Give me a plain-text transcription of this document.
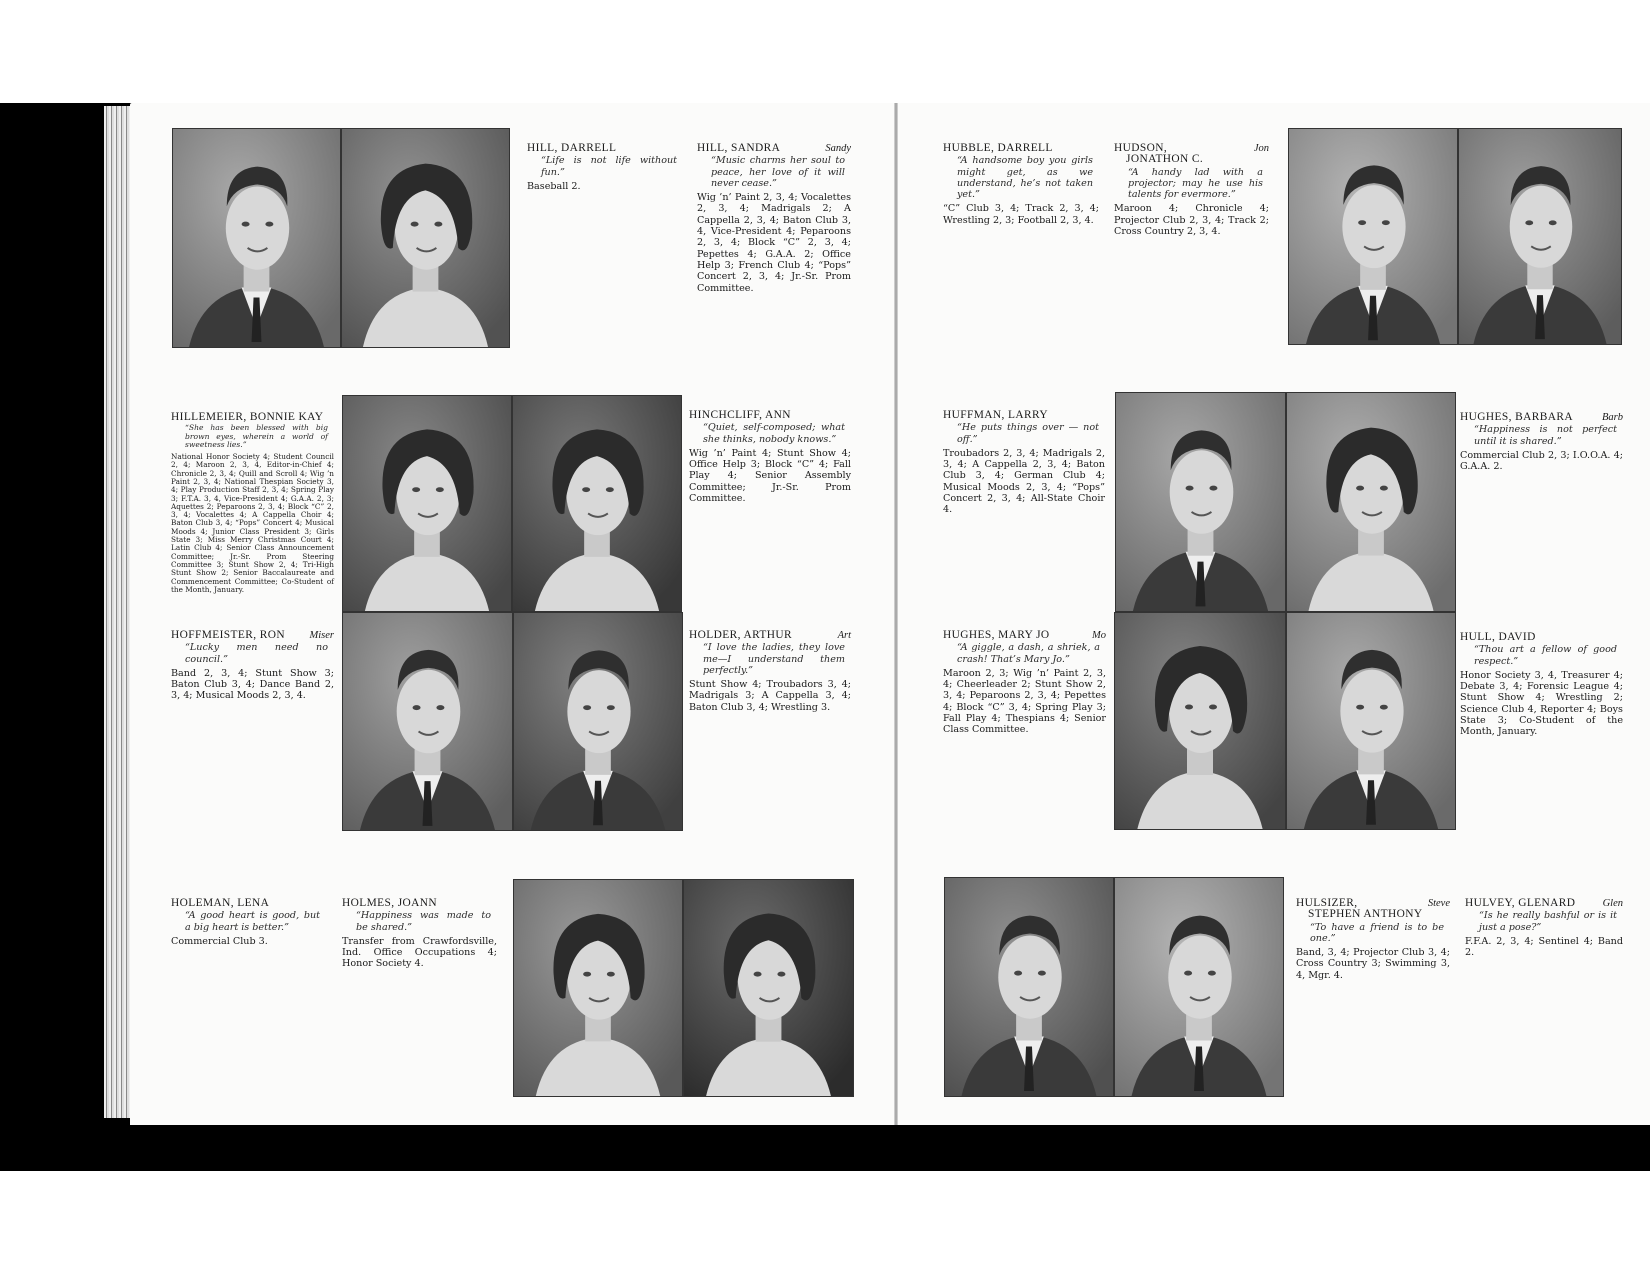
HILL, DARRELL
“Life is not life without fun.”
Baseball 2.
HILL, SANDRA	Sandy
“Music charms her soul to peace, her love of it will never cease.”
Wig ’n’ Paint 2, 3, 4; Vocalettes 2, 3, 4; Madrigals 2; A Cappella 2, 3, 4; Baton Club 3, 4, Vice-President 4; Peparoons 2, 3, 4; Block “C” 2, 3, 4; Pepettes 4; G.A.A. 2; Office Help 3; French Club 4; “Pops” Concert 2, 3, 4; Jr.-Sr. Prom Committee.
HUBBLE, DARRELL
“A handsome boy you girls might get, as we understand, he’s not taken yet.”
“C” Club 3, 4; Track 2, 3, 4; Wrestling 2, 3; Football 2, 3, 4.
HUDSON,	Jon
JONATHON C.
“A handy lad with a projector; may he use his talents for evermore.”
Maroon 4; Chronicle 4; Projector Club 2, 3, 4; Track 2; Cross Country 2, 3, 4.
HILLEMEIER, BONNIE KAY
“She has been blessed with big brown eyes, wherein a world of sweetness lies.”
National Honor Society 4; Student Council 2, 4; Maroon 2, 3, 4, Editor-in-Chief 4; Chronicle 2, 3, 4; Quill and Scroll 4; Wig ’n Paint 2, 3, 4; National Thespian Society 3, 4; Play Production Staff 2, 3, 4; Spring Play 3; F.T.A. 3, 4, Vice-President 4; G.A.A. 2, 3; Aquettes 2; Peparoons 2, 3, 4; Block “C” 2, 3, 4; Vocalettes 4; A Cappella Choir 4; Baton Club 3, 4; “Pops” Concert 4; Musical Moods 4; Junior Class President 3; Girls State 3; Miss Merry Christmas Court 4; Latin Club 4; Senior Class Announcement Committee; Jr.-Sr. Prom Steering Committee 3; Stunt Show 2, 4; Tri-High Stunt Show 2; Senior Baccalaureate and Commencement Committee; Co-Student of the Month, January.
HINCHCLIFF, ANN
“Quiet, self-composed; what she thinks, nobody knows.”
Wig ’n’ Paint 4; Stunt Show 4; Office Help 3; Block “C” 4; Fall Play 4; Senior Assembly Committee; Jr.-Sr. Prom Committee.
HUFFMAN, LARRY
“He puts things over — not off.”
Troubadors 2, 3, 4; Madrigals 2, 3, 4; A Cappella 2, 3, 4; Baton Club 3, 4; German Club 4; Musical Moods 2, 3, 4; “Pops” Concert 2, 3, 4; All-State Choir 4.
HUGHES, BARBARA	Barb
“Happiness is not perfect until it is shared.”
Commercial Club 2, 3; I.O.O.A. 4; G.A.A. 2.
HOFFMEISTER, RON Miser
“Lucky men need no council.”
Band 2, 3, 4; Stunt Show 3; Baton Club 3, 4; Dance Band 2, 3, 4; Musical Moods 2, 3, 4.
HOLDER, ARTHUR	Art
“I love the ladies, they love me—I understand them perfectly.”
Stunt Show 4; Troubadors 3, 4; Madrigals 3; A Cappella 3, 4; Baton Club 3, 4; Wrestling 3.
HUGHES, MARY JO	Mo
“A giggle, a dash, a shriek, a crash! That’s Mary Jo.”
Maroon 2, 3; Wig ’n’ Paint 2, 3, 4; Cheerleader 2; Stunt Show 2, 3, 4; Peparoons 2, 3, 4; Pepettes 4; Block “C” 3, 4; Spring Play 3; Fall Play 4; Thespians 4; Senior Class Committee.
HULL, DAVID
“Thou art a fellow of good respect.”
Honor Society 3, 4, Treasurer 4; Debate 3, 4; Forensic League 4; Stunt Show 4; Wrestling 2; Science Club 4, Reporter 4; Boys State 3; Co-Student of the Month, January.
HOLEMAN, LENA
“A good heart is good, but a big heart is better.”
Commercial Club 3.
HOLMES, JOANN
“Happiness was made to be shared.”
Transfer from Crawfordsville, Ind. Office Occupations 4; Honor Society 4.
HULSIZER,	Steve
STEPHEN ANTHONY
“To have a friend is to be one.”
Band, 3, 4; Projector Club 3, 4; Cross Country 3; Swimming 3, 4, Mgr. 4.
HULVEY, GLENARD	Glen
“Is he really bashful or is it just a pose?”
F.F.A. 2, 3, 4; Sentinel 4; Band 2.
